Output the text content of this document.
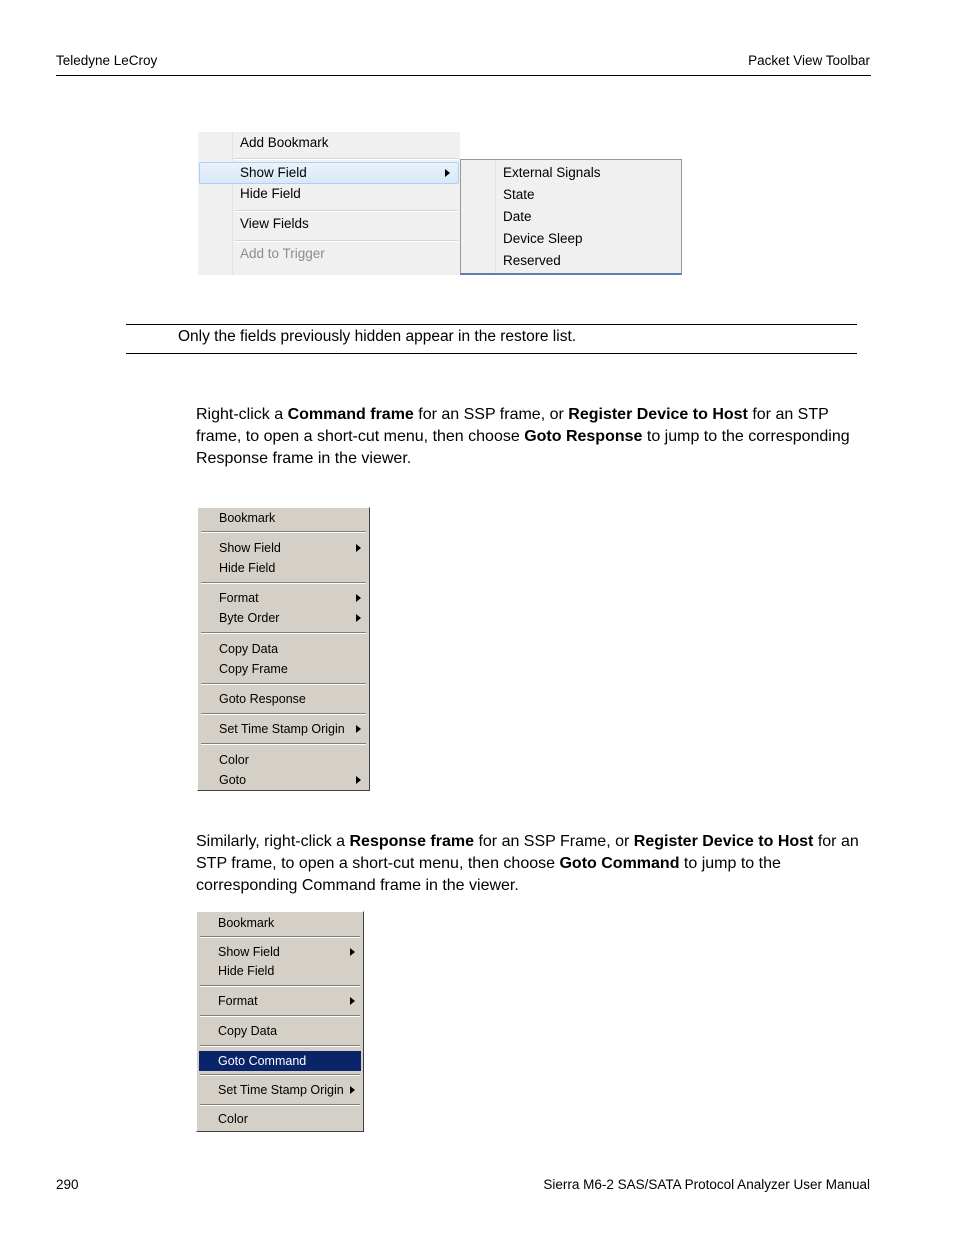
Teledyne LeCroy	Packet View Toolbar
Add Bookmark
Show Field
Hide Field
View Fields
Add to Trigger
External Signals
State
Date
Device Sleep
Reserved
Only the fields previously hidden appear in the restore list.
Right-click a Command frame for an SSP frame, or Register Device to Host for an STP frame, to open a short-cut menu, then choose Goto Response to jump to the corresponding Response frame in the viewer.
Bookmark
Show Field
Hide Field
Format
Byte Order
Copy Data
Copy Frame
Goto Response
Set Time Stamp Origin
Color
Goto
Similarly, right-click a Response frame for an SSP Frame, or Register Device to Host for an STP frame, to open a short-cut menu, then choose Goto Command to jump to the corresponding Command frame in the viewer.
Bookmark
Show Field
Hide Field
Format
Copy Data
Goto Command
Set Time Stamp Origin
Color
290	Sierra M6-2 SAS/SATA Protocol Analyzer User Manual
